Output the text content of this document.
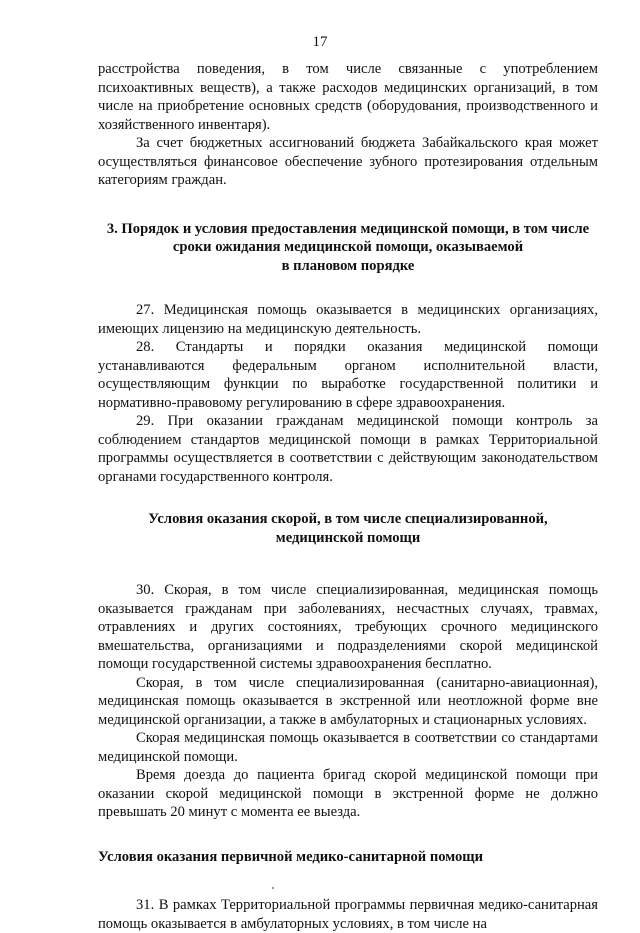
17

расстройства поведения, в том числе связанные с употреблением психоактивных веществ), а также расходов медицинских организаций, в том числе на приобретение основных средств (оборудования, производственного и хозяйственного инвентаря).

За счет бюджетных ассигнований бюджета Забайкальского края может осуществляться финансовое обеспечение зубного протезирования отдельным категориям граждан.

3. Порядок и условия предоставления медицинской помощи, в том числе
сроки ожидания медицинской помощи, оказываемой
в плановом порядке

27. Медицинская помощь оказывается в медицинских организациях, имеющих лицензию на медицинскую деятельность.

28. Стандарты и порядки оказания медицинской помощи устанавливаются федеральным органом исполнительной власти, осуществляющим функции по выработке государственной политики и нормативно-правовому регулированию в сфере здравоохранения.

29. При оказании гражданам медицинской помощи контроль за соблюдением стандартов медицинской помощи в рамках Территориальной программы осуществляется в соответствии с действующим законодательством органами государственного контроля.

Условия оказания скорой, в том числе специализированной,
медицинской помощи

30. Скорая, в том числе специализированная, медицинская помощь оказывается гражданам при заболеваниях, несчастных случаях, травмах, отравлениях и других состояниях, требующих срочного медицинского вмешательства, организациями и подразделениями скорой медицинской помощи государственной системы здравоохранения бесплатно.

Скорая, в том числе специализированная (санитарно-авиационная), медицинская помощь оказывается в экстренной или неотложной форме вне медицинской организации, а также в амбулаторных и стационарных условиях.

Скорая медицинская помощь оказывается в соответствии со стандартами медицинской помощи.

Время доезда до пациента бригад скорой медицинской помощи при оказании скорой медицинской помощи в экстренной форме не должно превышать 20 минут с момента ее выезда.

Условия оказания первичной медико-санитарной помощи

31. В рамках Территориальной программы первичная медико-санитарная помощь оказывается в амбулаторных условиях, в том числе на
